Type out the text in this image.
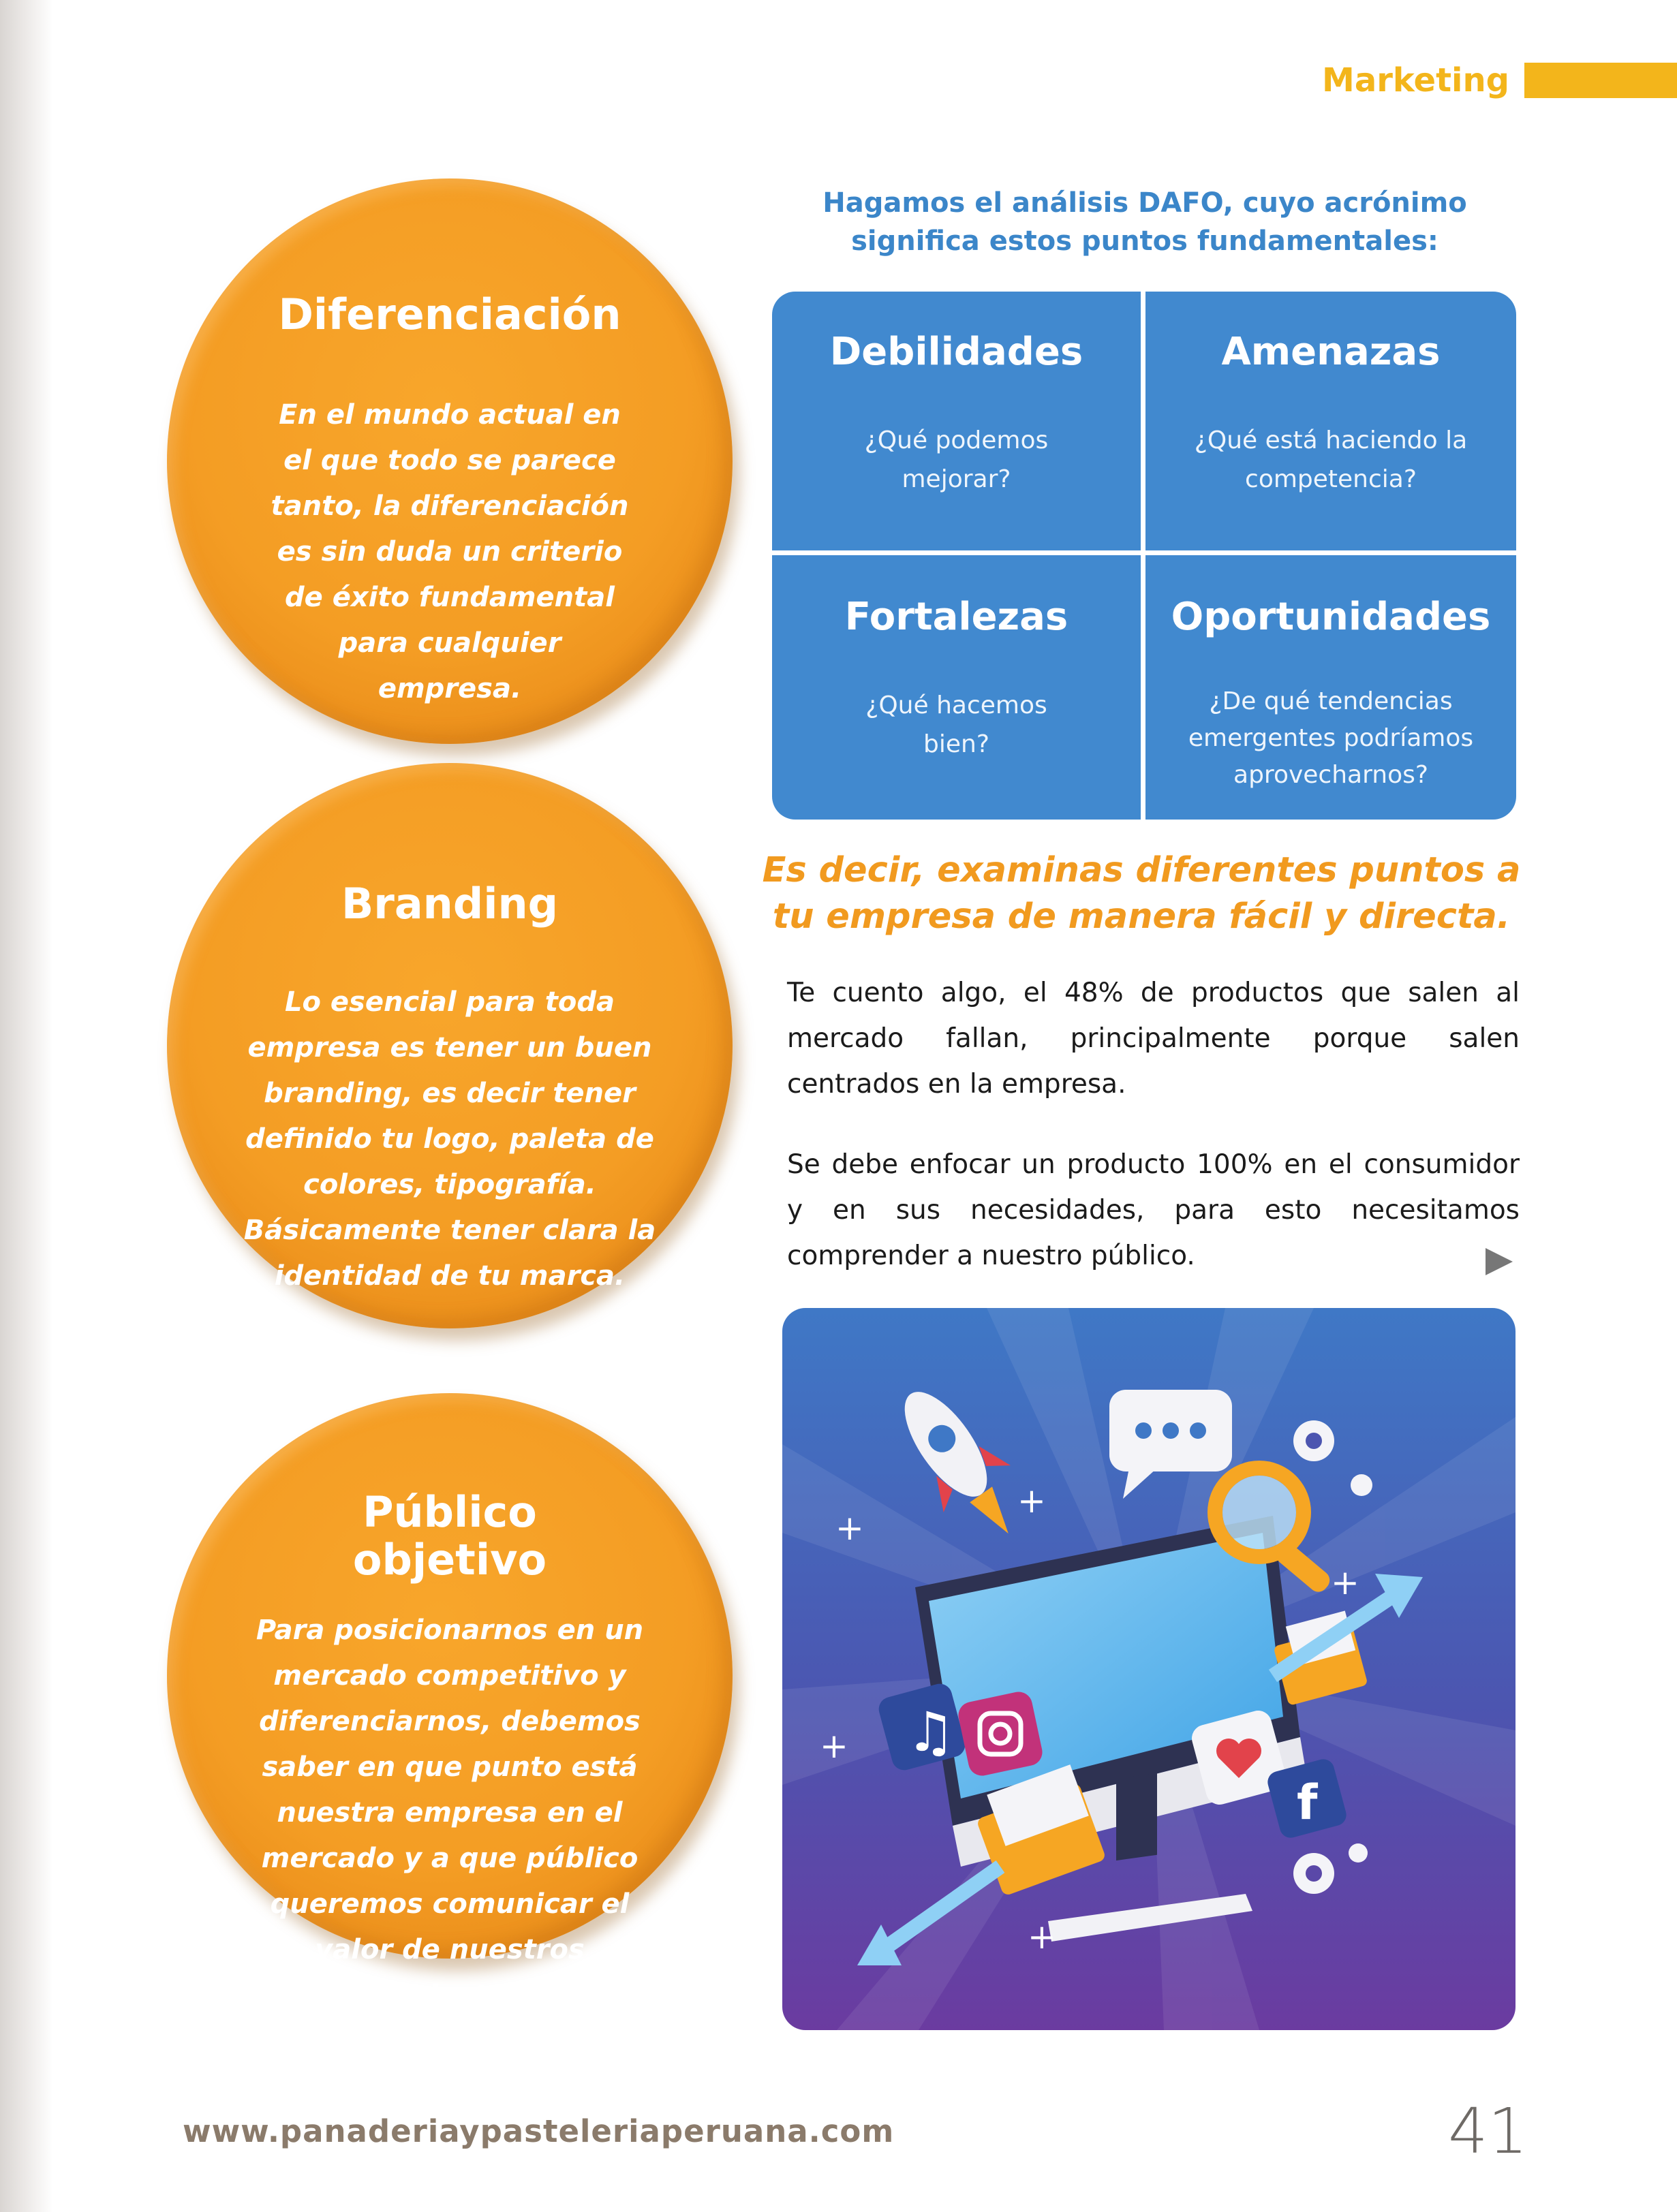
Marketing
Diferenciación
En el mundo actual en el que todo se parece tanto, la diferenciación es sin duda un criterio de éxito fundamental para cualquier empresa.
Branding
Lo esencial para toda empresa es tener un buen branding, es decir tener definido tu logo, paleta de colores, tipografía. Básicamente tener clara la identidad de tu marca.
Público objetivo
Para posicionarnos en un mercado competitivo y diferenciarnos, debemos saber en que punto está nuestra empresa en el mercado y a que público queremos comunicar el valor de nuestros productos.
Hagamos el análisis DAFO, cuyo acrónimo significa estos puntos fundamentales:
Debilidades
¿Qué podemos mejorar?
Amenazas
¿Qué está haciendo la competencia?
Fortalezas
¿Qué hacemos bien?
Oportunidades
¿De qué tendencias emergentes podríamos aprovecharnos?
Es decir, examinas diferentes puntos a tu empresa de manera fácil y directa.
Te cuento algo, el 48% de productos que salen al mercado fallan, principalmente porque salen centrados en la empresa.
Se debe enfocar un producto 100% en el consumidor y en sus necesidades, para esto necesitamos comprender a nuestro público.
♫
f
+
+
+
+
+
www.panaderiaypasteleriaperuana.com	41
